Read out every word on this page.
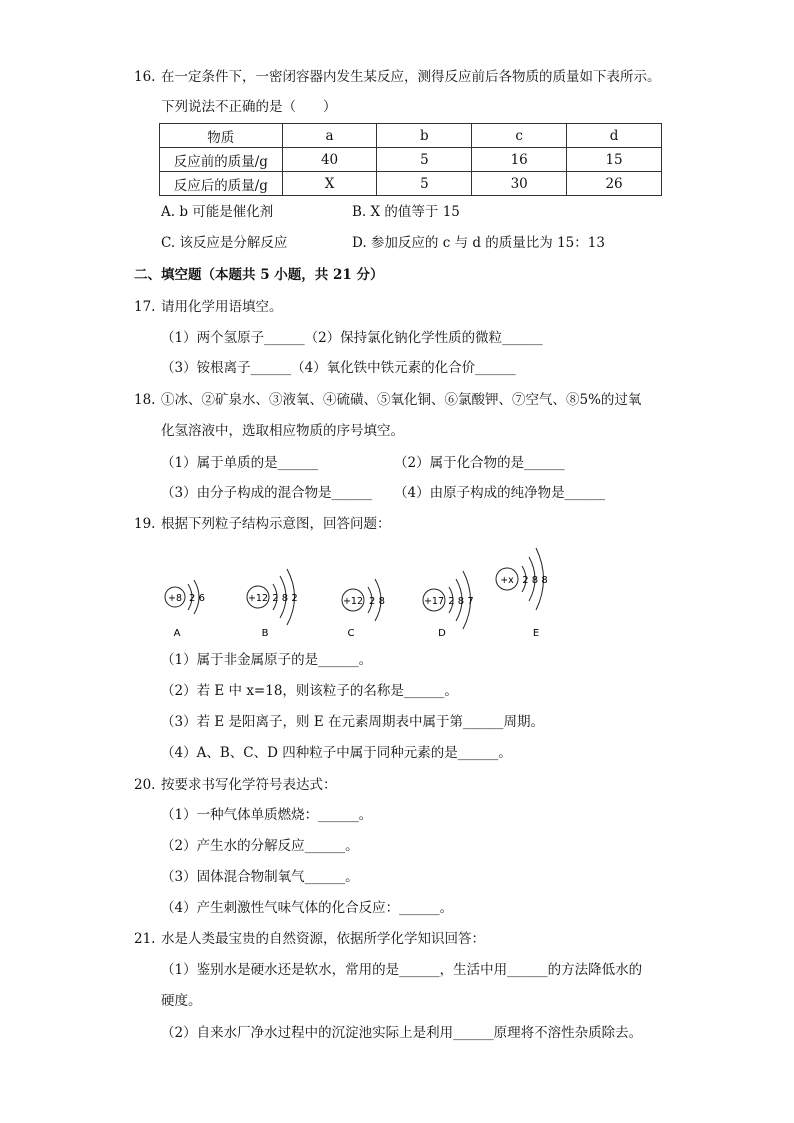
16. 在一定条件下，一密闭容器内发生某反应，测得反应前后各物质的质量如下表所示。
下列说法不正确的是（　　）
物质	a	b	c	d
反应前的质量/g	40	5	16	15
反应后的质量/g	X	5	30	26
A. b 可能是催化剂	B. X 的值等于 15
C. 该反应是分解反应	D. 参加反应的 c 与 d 的质量比为 15：13
二、填空题（本题共 5 小题，共 21 分）
17. 请用化学用语填空。
（1）两个氢原子______（2）保持氯化钠化学性质的微粒______
（3）铵根离子______（4）氧化铁中铁元素的化合价______
18. ①冰、②矿泉水、③液氧、④硫磺、⑤氧化铜、⑥氯酸钾、⑦空气、⑧5%的过氧
化氢溶液中，选取相应物质的序号填空。
（1）属于单质的是______	（2）属于化合物的是______
（3）由分子构成的混合物是______ （4）由原子构成的纯净物是______
19. 根据下列粒子结构示意图，回答问题：
+8 2 6
A
+12 2 8 2
B
+12 2 8
C
+17 2 8 7
D
+x 2 8 8
E
（1）属于非金属原子的是______。
（2）若 E 中 x=18，则该粒子的名称是______。
（3）若 E 是阳离子，则 E 在元素周期表中属于第______周期。
（4）A、B、C、D 四种粒子中属于同种元素的是______。
20. 按要求书写化学符号表达式：
（1）一种气体单质燃烧：______。
（2）产生水的分解反应______。
（3）固体混合物制氧气______。
（4）产生刺激性气味气体的化合反应：______。
21. 水是人类最宝贵的自然资源，依据所学化学知识回答：
（1）鉴别水是硬水还是软水，常用的是______，生活中用______的方法降低水的
硬度。
（2）自来水厂净水过程中的沉淀池实际上是利用______原理将不溶性杂质除去。
